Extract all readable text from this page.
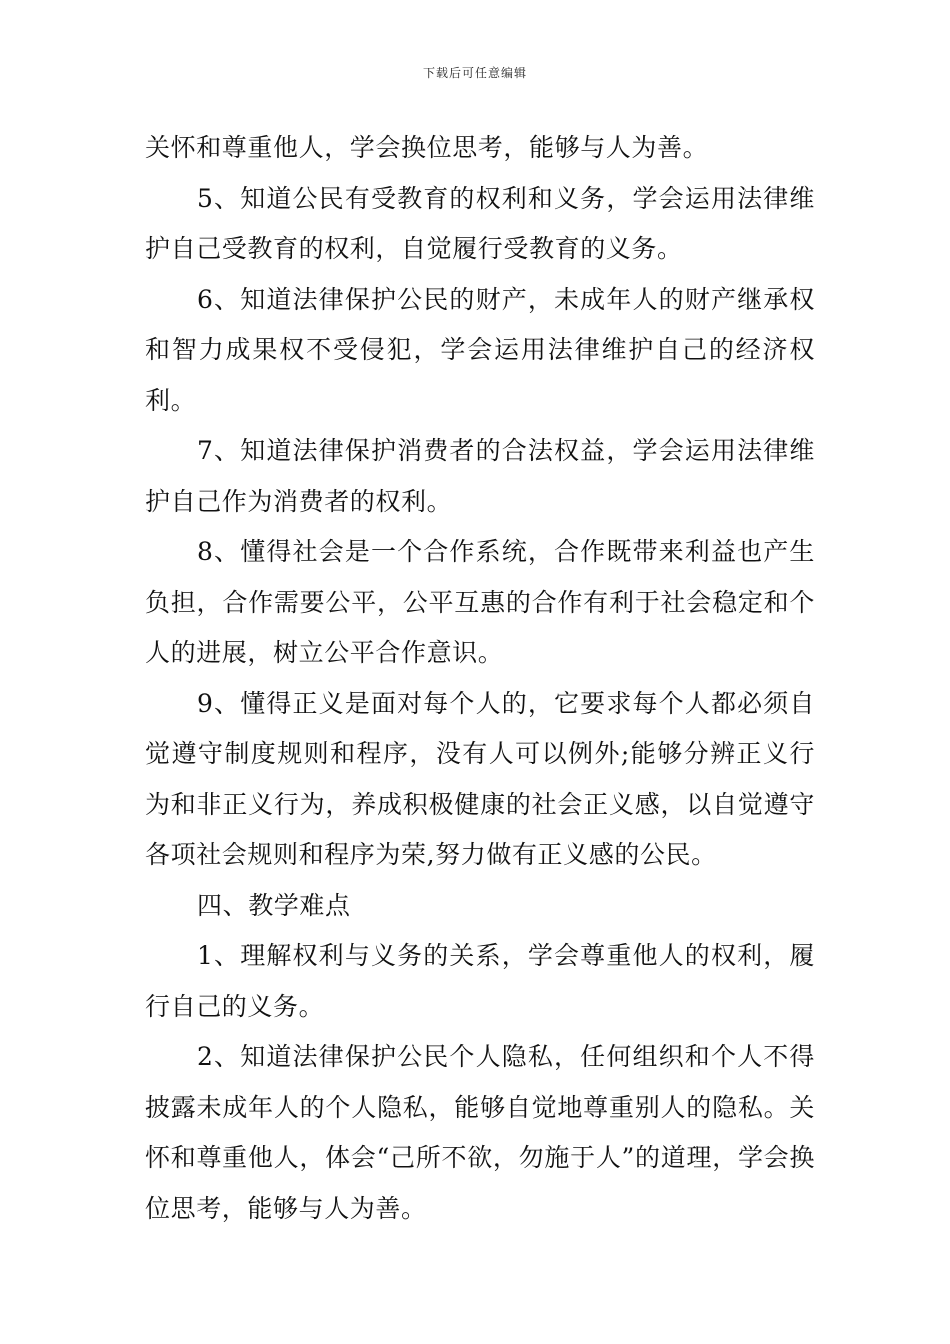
下载后可任意编辑

关怀和尊重他人，学会换位思考，能够与人为善。

5、知道公民有受教育的权利和义务，学会运用法律维护自己受教育的权利，自觉履行受教育的义务。

6、知道法律保护公民的财产，未成年人的财产继承权和智力成果权不受侵犯，学会运用法律维护自己的经济权利。

7、知道法律保护消费者的合法权益，学会运用法律维护自己作为消费者的权利。

8、懂得社会是一个合作系统，合作既带来利益也产生负担，合作需要公平，公平互惠的合作有利于社会稳定和个人的进展，树立公平合作意识。

9、懂得正义是面对每个人的，它要求每个人都必须自觉遵守制度规则和程序，没有人可以例外;能够分辨正义行为和非正义行为，养成积极健康的社会正义感，以自觉遵守各项社会规则和程序为荣,努力做有正义感的公民。

四、教学难点

1、理解权利与义务的关系，学会尊重他人的权利，履行自己的义务。

2、知道法律保护公民个人隐私，任何组织和个人不得披露未成年人的个人隐私，能够自觉地尊重别人的隐私。关怀和尊重他人，体会“己所不欲，勿施于人”的道理，学会换位思考，能够与人为善。
